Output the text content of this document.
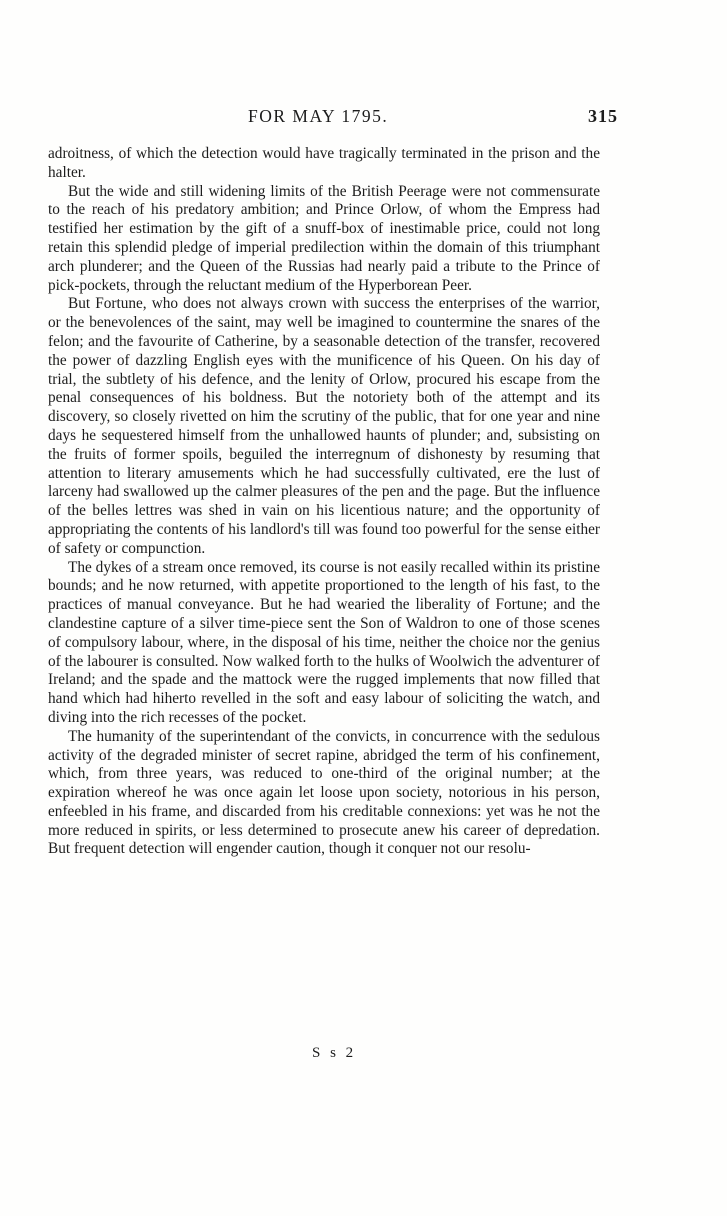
FOR MAY 1795.	315

adroitness, of which the detection would have tragically terminated in the prison and the halter.

But the wide and still widening limits of the British Peerage were not commensurate to the reach of his predatory ambition; and Prince Orlow, of whom the Empress had testified her estimation by the gift of a snuff-box of inestimable price, could not long retain this splendid pledge of imperial predilection within the domain of this triumphant arch plunderer; and the Queen of the Russias had nearly paid a tribute to the Prince of pick-pockets, through the reluctant medium of the Hyperborean Peer.

But Fortune, who does not always crown with success the enterprises of the warrior, or the benevolences of the saint, may well be imagined to countermine the snares of the felon; and the favourite of Catherine, by a seasonable detection of the transfer, recovered the power of dazzling English eyes with the munificence of his Queen. On his day of trial, the subtlety of his defence, and the lenity of Orlow, procured his escape from the penal consequences of his boldness. But the notoriety both of the attempt and its discovery, so closely rivetted on him the scrutiny of the public, that for one year and nine days he sequestered himself from the unhallowed haunts of plunder; and, subsisting on the fruits of former spoils, beguiled the interregnum of dishonesty by resuming that attention to literary amusements which he had successfully cultivated, ere the lust of larceny had swallowed up the calmer pleasures of the pen and the page. But the influence of the belles lettres was shed in vain on his licentious nature; and the opportunity of appropriating the contents of his landlord's till was found too powerful for the sense either of safety or compunction.

The dykes of a stream once removed, its course is not easily recalled within its pristine bounds; and he now returned, with appetite proportioned to the length of his fast, to the practices of manual conveyance. But he had wearied the liberality of Fortune; and the clandestine capture of a silver time-piece sent the Son of Waldron to one of those scenes of compulsory labour, where, in the disposal of his time, neither the choice nor the genius of the labourer is consulted. Now walked forth to the hulks of Woolwich the adventurer of Ireland; and the spade and the mattock were the rugged implements that now filled that hand which had hiherto revelled in the soft and easy labour of soliciting the watch, and diving into the rich recesses of the pocket.

The humanity of the superintendant of the convicts, in concurrence with the sedulous activity of the degraded minister of secret rapine, abridged the term of his confinement, which, from three years, was reduced to one-third of the original number; at the expiration whereof he was once again let loose upon society, notorious in his person, enfeebled in his frame, and discarded from his creditable connexions: yet was he not the more reduced in spirits, or less determined to prosecute anew his career of depredation. But frequent detection will engender caution, though it conquer not our resolu-

S s 2
